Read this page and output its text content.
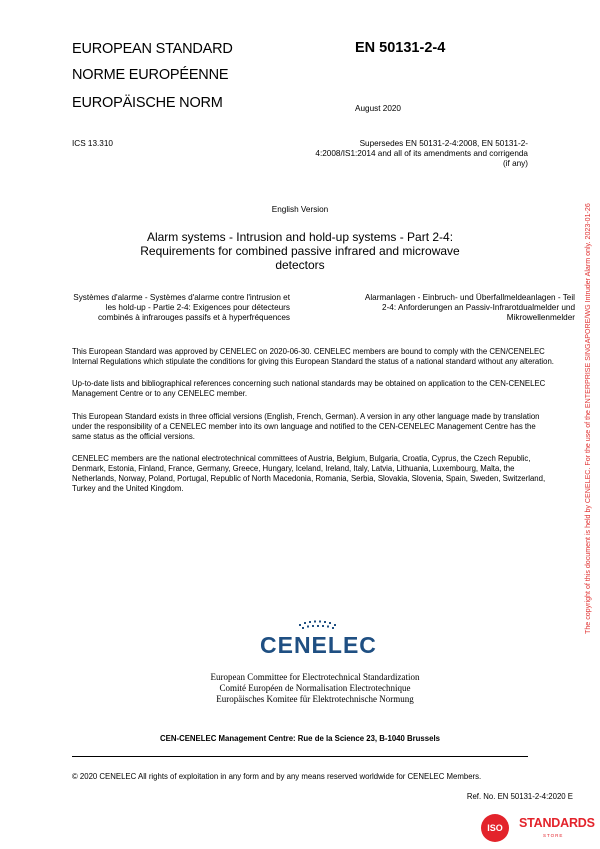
EUROPEAN STANDARD
NORME EUROPÉENNE
EUROPÄISCHE NORM
EN 50131-2-4
August 2020
ICS 13.310	Supersedes EN 50131-2-4:2008, EN 50131-2-
4:2008/IS1:2014 and all of its amendments and corrigenda
(if any)
English Version
Alarm systems - Intrusion and hold-up systems - Part 2-4:
Requirements for combined passive infrared and microwave
detectors
Systèmes d'alarme - Systèmes d'alarme contre l'intrusion et
les hold-up - Partie 2-4: Exigences pour détecteurs
combinés à infrarouges passifs et à hyperfréquences
Alarmanlagen - Einbruch- und Überfallmeldeanlagen - Teil
2-4: Anforderungen an Passiv-Infrarotdualmelder und
Mikrowellenmelder
This European Standard was approved by CENELEC on 2020-06-30. CENELEC members are bound to comply with the CEN/CENELEC
Internal Regulations which stipulate the conditions for giving this European Standard the status of a national standard without any alteration.
Up-to-date lists and bibliographical references concerning such national standards may be obtained on application to the CEN-CENELEC
Management Centre or to any CENELEC member.
This European Standard exists in three official versions (English, French, German). A version in any other language made by translation
under the responsibility of a CENELEC member into its own language and notified to the CEN-CENELEC Management Centre has the
same status as the official versions.
CENELEC members are the national electrotechnical committees of Austria, Belgium, Bulgaria, Croatia, Cyprus, the Czech Republic,
Denmark, Estonia, Finland, France, Germany, Greece, Hungary, Iceland, Ireland, Italy, Latvia, Lithuania, Luxembourg, Malta, the
Netherlands, Norway, Poland, Portugal, Republic of North Macedonia, Romania, Serbia, Slovakia, Slovenia, Spain, Sweden, Switzerland,
Turkey and the United Kingdom.
CENELEC
European Committee for Electrotechnical Standardization
Comité Européen de Normalisation Electrotechnique
Europäisches Komitee für Elektrotechnische Normung
CEN-CENELEC Management Centre: Rue de la Science 23, B-1040 Brussels
© 2020 CENELEC All rights of exploitation in any form and by any means reserved worldwide for CENELEC Members.
Ref. No. EN 50131-2-4:2020 E
The copyright of this document is held by CENELEC. For the use of the ENTERPRISE SINGAPORE/WG Intruder Alarm only. 2023-01-26
ISO	STANDARDS
STORE
